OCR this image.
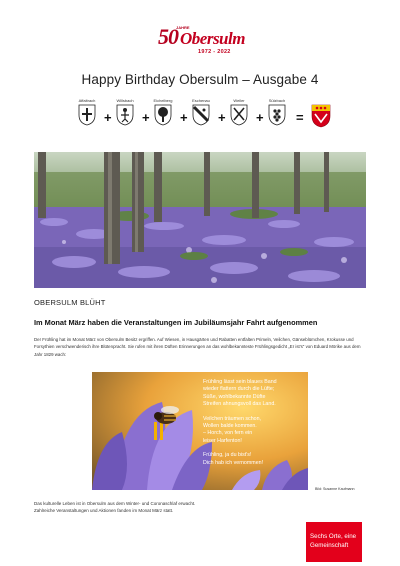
50
JAHRE
Obersulm
1972 - 2022
Happy Birthday Obersulm – Ausgabe 4
Affaltrach
+
Willsbach
+
Eichelberg
+
Eschenau
+
Weiler
+
Sülzbach
=
OBERSULM BLÜHT
Im Monat März haben die Veranstaltungen im Jubiläumsjahr Fahrt aufgenommen

Der Frühling hat im Monat März von Obersulm Besitz ergriffen. Auf Wiesen, in Hausgärten und Rabatten entfalten Primeln, Veilchen, Gänseblümchen, Krokusse und Forsythien verschwenderisch ihre Blütenpracht. Sie rufen mit ihren Düften Erinnerungen an das wohlbekannteste Frühlingsgedicht „Er ist's" von Eduard Mörike aus dem Jahr 1829 wach:

Frühling lässt sein blaues Band
wieder flattern durch die Lüfte;
Süße, wohlbekannte Düfte
Streifen ahnungsvoll das Land.
Veilchen träumen schon,
Wollen balde kommen.
– Horch, von fern ein
leiser Harfenton!
Frühling, ja du bist's!
Dich hab ich vernommen!
Bild: Susanne Kaufmann

Das kulturelle Leben ist in Obersulm aus dem Winter- und Coronaschlaf erwacht.
Zahlreiche Veranstaltungen und Aktionen fanden im Monat März statt.

Sechs Orte, eine
Gemeinschaft
